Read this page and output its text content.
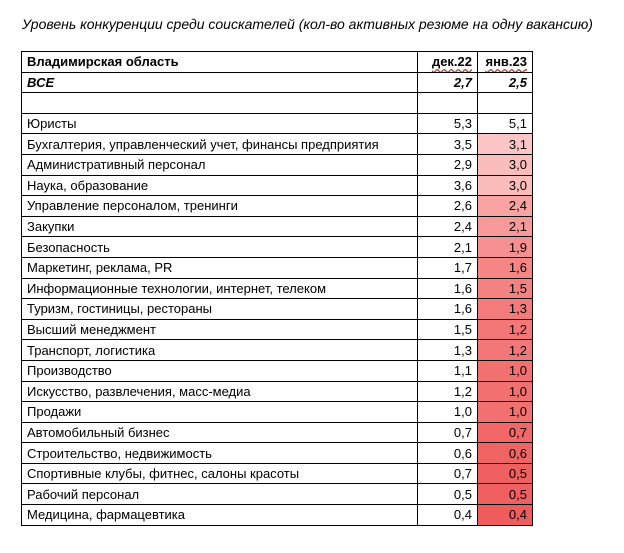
Уровень конкуренции среди соискателей (кол-во активных резюме на одну вакансию)
Владимирская область	дек.22	янв.23
ВСЕ	2,7	2,5

Юристы	5,3	5,1
Бухгалтерия, управленческий учет, финансы предприятия	3,5	3,1
Административный персонал	2,9	3,0
Наука, образование	3,6	3,0
Управление персоналом, тренинги	2,6	2,4
Закупки	2,4	2,1
Безопасность	2,1	1,9
Маркетинг, реклама, PR	1,7	1,6
Информационные технологии, интернет, телеком	1,6	1,5
Туризм, гостиницы, рестораны	1,6	1,3
Высший менеджмент	1,5	1,2
Транспорт, логистика	1,3	1,2
Производство	1,1	1,0
Искусство, развлечения, масс-медиа	1,2	1,0
Продажи	1,0	1,0
Автомобильный бизнес	0,7	0,7
Строительство, недвижимость	0,6	0,6
Спортивные клубы, фитнес, салоны красоты	0,7	0,5
Рабочий персонал	0,5	0,5
Медицина, фармацевтика	0,4	0,4
